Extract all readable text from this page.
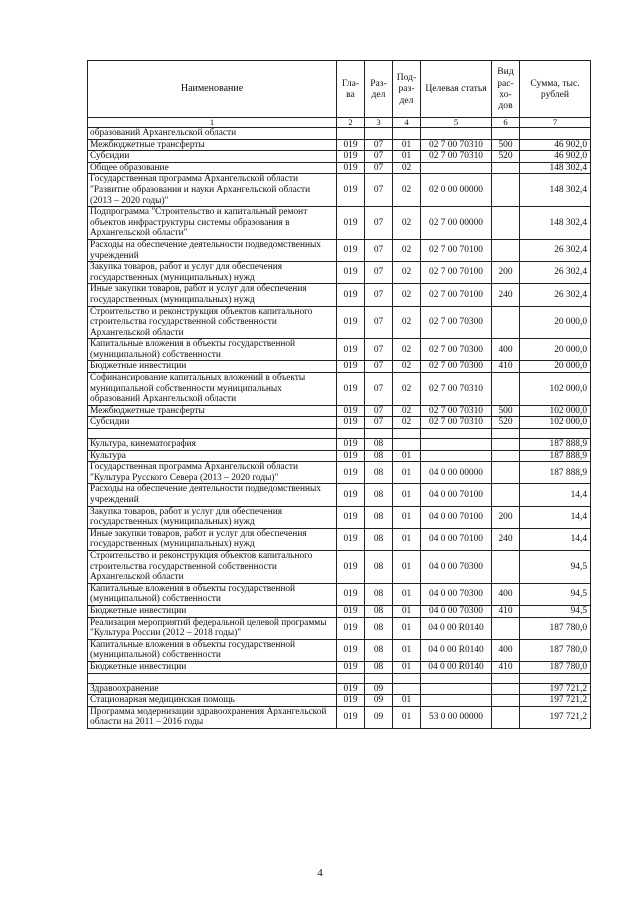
Наименование	Гла-ва	Раз-дел	Под-раз-дел	Целевая статья	Вид рас-хо-дов	Сумма, тыс. рублей
1	2	3	4	5	6	7
образований Архангельской области						
Межбюджетные трансферты	019	07	01	02 7 00 70310	500	46 902,0
Субсидии	019	07	01	02 7 00 70310	520	46 902,0
Общее образование	019	07	02			148 302,4
Государственная программа Архангельской области "Развитие образования и науки Архангельской области (2013 – 2020 годы)"	019	07	02	02 0 00 00000		148 302,4
Подпрограмма "Строительство и капитальный ремонт объектов инфраструктуры системы образования в Архангельской области"	019	07	02	02 7 00 00000		148 302,4
Расходы на обеспечение деятельности подведомственных учреждений	019	07	02	02 7 00 70100		26 302,4
Закупка товаров, работ и услуг для обеспечения государственных (муниципальных) нужд	019	07	02	02 7 00 70100	200	26 302,4
Иные закупки товаров, работ и услуг для обеспечения государственных (муниципальных) нужд	019	07	02	02 7 00 70100	240	26 302,4
Строительство и реконструкция объектов капитального строительства государственной собственности Архангельской области	019	07	02	02 7 00 70300		20 000,0
Капитальные вложения в объекты государственной (муниципальной) собственности	019	07	02	02 7 00 70300	400	20 000,0
Бюджетные инвестиции	019	07	02	02 7 00 70300	410	20 000,0
Софинансирование капитальных вложений в объекты муниципальной собственности муниципальных образований Архангельской области	019	07	02	02 7 00 70310		102 000,0
Межбюджетные трансферты	019	07	02	02 7 00 70310	500	102 000,0
Субсидии	019	07	02	02 7 00 70310	520	102 000,0

Культура, кинематография	019	08				187 888,9
Культура	019	08	01			187 888,9
Государственная программа Архангельской области "Культура Русского Севера (2013 – 2020 годы)"	019	08	01	04 0 00 00000		187 888,9
Расходы на обеспечение деятельности подведомственных учреждений	019	08	01	04 0 00 70100		14,4
Закупка товаров, работ и услуг для обеспечения государственных (муниципальных) нужд	019	08	01	04 0 00 70100	200	14,4
Иные закупки товаров, работ и услуг для обеспечения государственных (муниципальных) нужд	019	08	01	04 0 00 70100	240	14,4
Строительство и реконструкция объектов капитального строительства государственной собственности Архангельской области	019	08	01	04 0 00 70300		94,5
Капитальные вложения в объекты государственной (муниципальной) собственности	019	08	01	04 0 00 70300	400	94,5
Бюджетные инвестиции	019	08	01	04 0 00 70300	410	94,5
Реализация мероприятий федеральной целевой программы "Культура России (2012 – 2018 годы)"	019	08	01	04 0 00 R0140		187 780,0
Капитальные вложения в объекты государственной (муниципальной) собственности	019	08	01	04 0 00 R0140	400	187 780,0
Бюджетные инвестиции	019	08	01	04 0 00 R0140	410	187 780,0

Здравоохранение	019	09				197 721,2
Стационарная медицинская помощь	019	09	01			197 721,2
Программа модернизации здравоохранения Архангельской области на 2011 – 2016 годы	019	09	01	53 0 00 00000		197 721,2
4
